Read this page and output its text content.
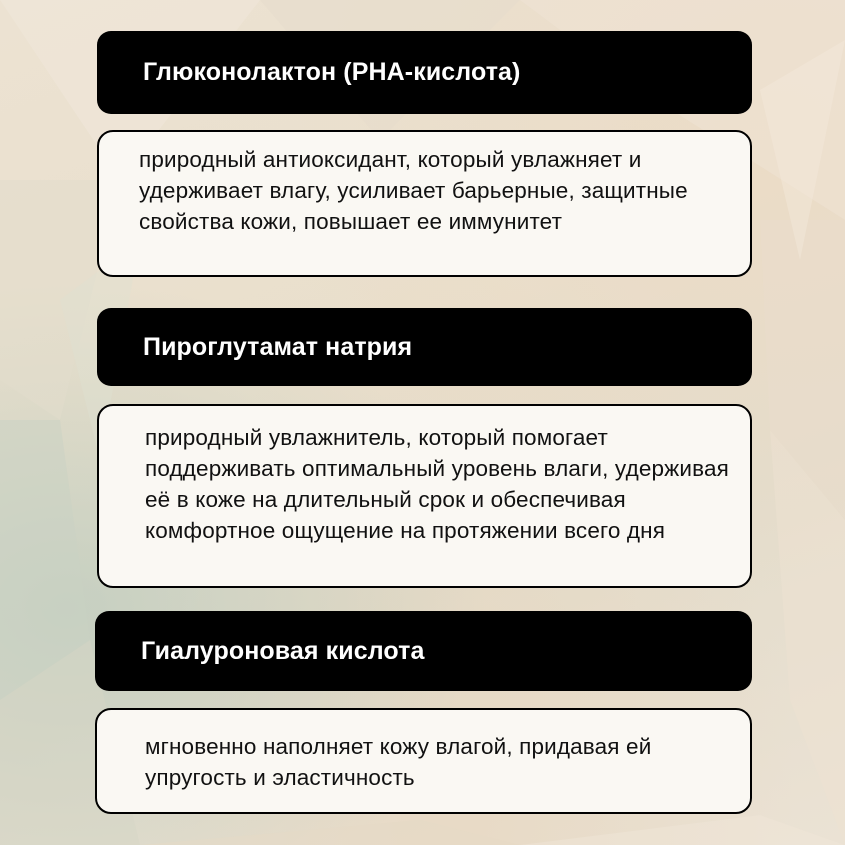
Глюконолактон (PHA-кислота)
природный антиоксидант, который увлажняет и удерживает влагу, усиливает барьерные, защитные свойства кожи, повышает ее иммунитет
Пироглутамат натрия
природный увлажнитель, который помогает поддерживать оптимальный уровень влаги, удерживая её в коже на длительный срок и обеспечивая комфортное ощущение на протяжении всего дня
Гиалуроновая кислота
мгновенно наполняет кожу влагой, придавая ей упругость и эластичность
